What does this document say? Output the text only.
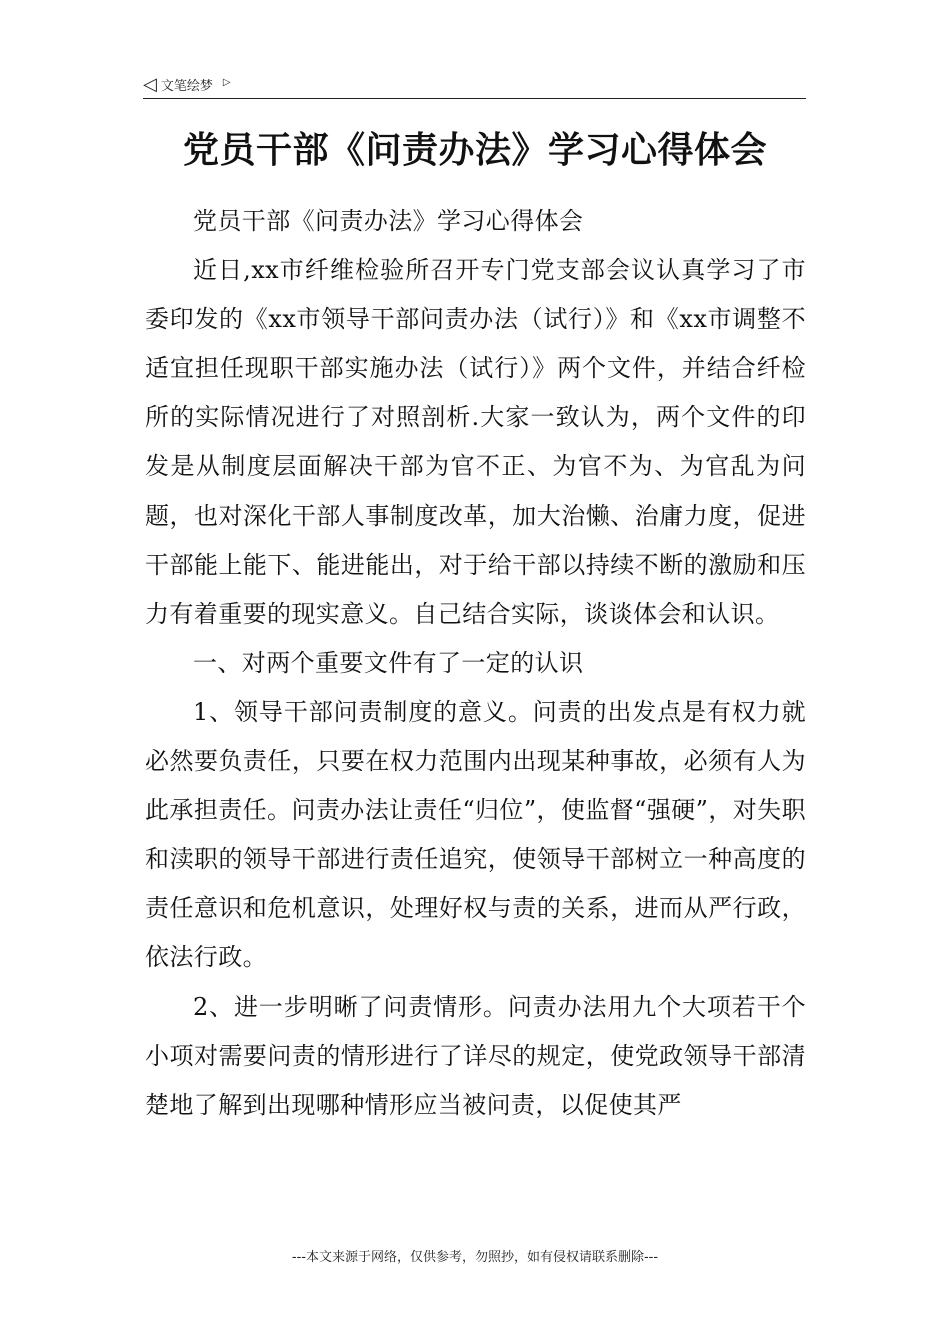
◁ 文笔绘梦 ▷
党员干部《问责办法》学习心得体会

党员干部《问责办法》学习心得体会

近日,xx市纤维检验所召开专门党支部会议认真学习了市委印发的《xx市领导干部问责办法（试行）》和《xx市调整不适宜担任现职干部实施办法（试行）》两个文件，并结合纤检所的实际情况进行了对照剖析.大家一致认为，两个文件的印发是从制度层面解决干部为官不正、为官不为、为官乱为问题，也对深化干部人事制度改革，加大治懒、治庸力度，促进干部能上能下、能进能出，对于给干部以持续不断的激励和压力有着重要的现实意义。自己结合实际，谈谈体会和认识。

一、对两个重要文件有了一定的认识

1、领导干部问责制度的意义。问责的出发点是有权力就必然要负责任，只要在权力范围内出现某种事故，必须有人为此承担责任。问责办法让责任“归位”，使监督“强硬”，对失职和渎职的领导干部进行责任追究，使领导干部树立一种高度的责任意识和危机意识，处理好权与责的关系，进而从严行政，依法行政。

2、进一步明晰了问责情形。问责办法用九个大项若干个小项对需要问责的情形进行了详尽的规定，使党政领导干部清楚地了解到出现哪种情形应当被问责，以促使其严

---本文来源于网络，仅供参考，勿照抄，如有侵权请联系删除---
